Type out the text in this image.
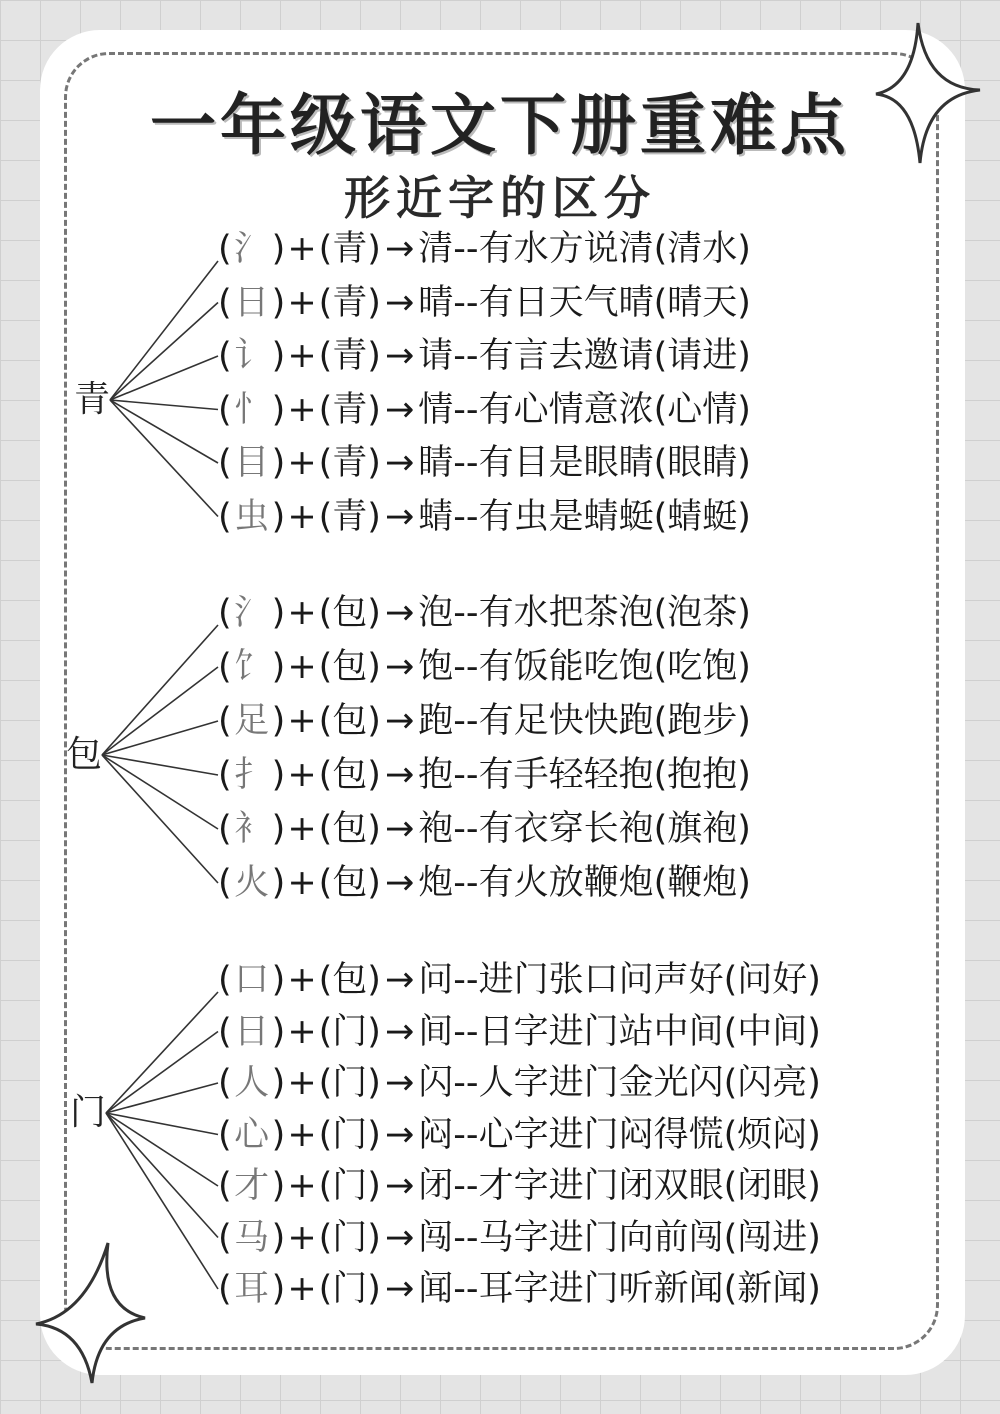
一年级语文下册重难点
形近字的区分
青
(氵)+(青) → 清--有水方说清(清水)
(日)+(青) → 晴--有日天气晴(晴天)
(讠)+(青) → 请--有言去邀请(请进)
(忄)+(青) → 情--有心情意浓(心情)
(目)+(青) → 睛--有目是眼睛(眼睛)
(虫)+(青) → 蜻--有虫是蜻蜓(蜻蜓)
包
(氵)+(包) → 泡--有水把茶泡(泡茶)
(饣)+(包) → 饱--有饭能吃饱(吃饱)
(足)+(包) → 跑--有足快快跑(跑步)
(扌)+(包) → 抱--有手轻轻抱(抱抱)
(衤)+(包) → 袍--有衣穿长袍(旗袍)
(火)+(包) → 炮--有火放鞭炮(鞭炮)
门
(口)+(包) → 问--进门张口问声好(问好)
(日)+(门) → 间--日字进门站中间(中间)
(人)+(门) → 闪--人字进门金光闪(闪亮)
(心)+(门) → 闷--心字进门闷得慌(烦闷)
(才)+(门) → 闭--才字进门闭双眼(闭眼)
(马)+(门) → 闯--马字进门向前闯(闯进)
(耳)+(门) → 闻--耳字进门听新闻(新闻)
